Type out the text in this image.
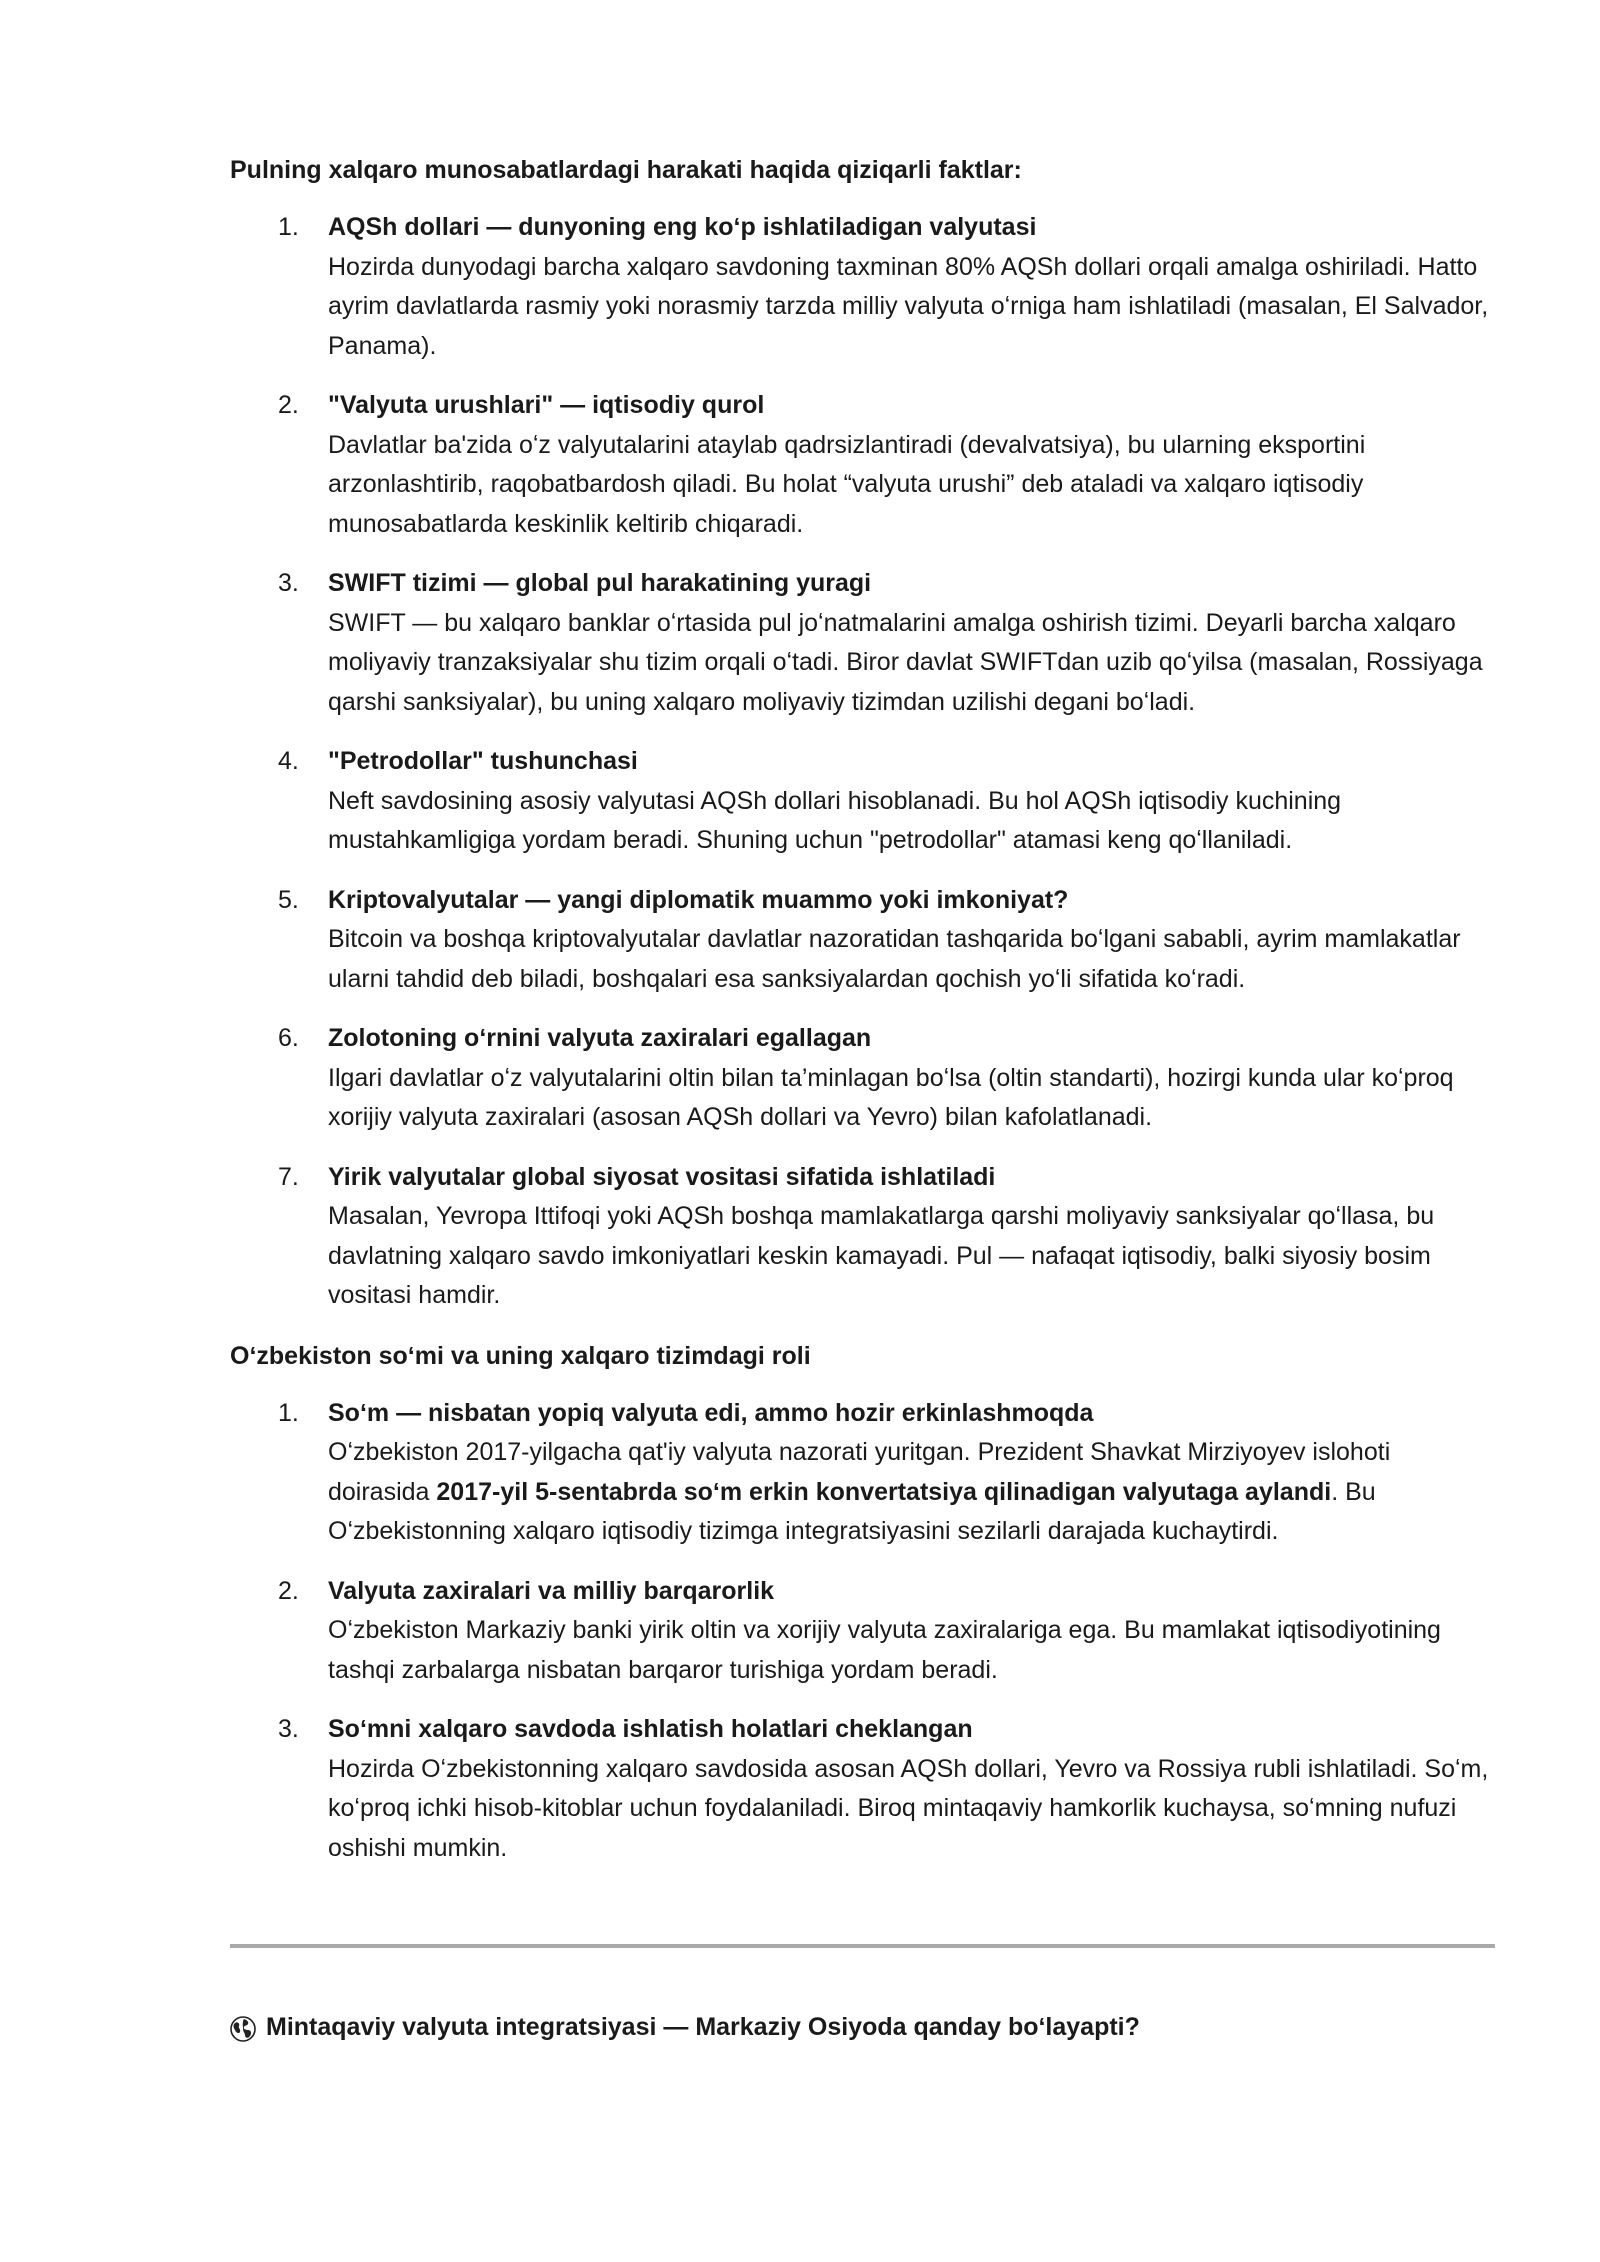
Pulning xalqaro munosabatlardagi harakati haqida qiziqarli faktlar:

1. AQSh dollari — dunyoning eng koʻp ishlatiladigan valyutasi
Hozirda dunyodagi barcha xalqaro savdoning taxminan 80% AQSh dollari orqali amalga oshiriladi. Hatto ayrim davlatlarda rasmiy yoki norasmiy tarzda milliy valyuta oʻrniga ham ishlatiladi (masalan, El Salvador, Panama).
2. "Valyuta urushlari" — iqtisodiy qurol
Davlatlar ba'zida oʻz valyutalarini ataylab qadrsizlantiradi (devalvatsiya), bu ularning eksportini arzonlashtirib, raqobatbardosh qiladi. Bu holat “valyuta urushi” deb ataladi va xalqaro iqtisodiy munosabatlarda keskinlik keltirib chiqaradi.
3. SWIFT tizimi — global pul harakatining yuragi
SWIFT — bu xalqaro banklar oʻrtasida pul joʻnatmalarini amalga oshirish tizimi. Deyarli barcha xalqaro moliyaviy tranzaksiyalar shu tizim orqali oʻtadi. Biror davlat SWIFTdan uzib qoʻyilsa (masalan, Rossiyaga qarshi sanksiyalar), bu uning xalqaro moliyaviy tizimdan uzilishi degani boʻladi.
4. "Petrodollar" tushunchasi
Neft savdosining asosiy valyutasi AQSh dollari hisoblanadi. Bu hol AQSh iqtisodiy kuchining mustahkamligiga yordam beradi. Shuning uchun "petrodollar" atamasi keng qoʻllaniladi.
5. Kriptovalyutalar — yangi diplomatik muammo yoki imkoniyat?
Bitcoin va boshqa kriptovalyutalar davlatlar nazoratidan tashqarida boʻlgani sababli, ayrim mamlakatlar ularni tahdid deb biladi, boshqalari esa sanksiyalardan qochish yoʻli sifatida koʻradi.
6. Zolotoning oʻrnini valyuta zaxiralari egallagan
Ilgari davlatlar oʻz valyutalarini oltin bilan ta’minlagan boʻlsa (oltin standarti), hozirgi kunda ular koʻproq xorijiy valyuta zaxiralari (asosan AQSh dollari va Yevro) bilan kafolatlanadi.
7. Yirik valyutalar global siyosat vositasi sifatida ishlatiladi
Masalan, Yevropa Ittifoqi yoki AQSh boshqa mamlakatlarga qarshi moliyaviy sanksiyalar qoʻllasa, bu davlatning xalqaro savdo imkoniyatlari keskin kamayadi. Pul — nafaqat iqtisodiy, balki siyosiy bosim vositasi hamdir.

Oʻzbekiston soʻmi va uning xalqaro tizimdagi roli

1. Soʻm — nisbatan yopiq valyuta edi, ammo hozir erkinlashmoqda
Oʻzbekiston 2017-yilgacha qat'iy valyuta nazorati yuritgan. Prezident Shavkat Mirziyoyev islohoti doirasida 2017-yil 5-sentabrda soʻm erkin konvertatsiya qilinadigan valyutaga aylandi. Bu Oʻzbekistonning xalqaro iqtisodiy tizimga integratsiyasini sezilarli darajada kuchaytirdi.
2. Valyuta zaxiralari va milliy barqarorlik
Oʻzbekiston Markaziy banki yirik oltin va xorijiy valyuta zaxiralariga ega. Bu mamlakat iqtisodiyotining tashqi zarbalarga nisbatan barqaror turishiga yordam beradi.
3. Soʻmni xalqaro savdoda ishlatish holatlari cheklangan
Hozirda Oʻzbekistonning xalqaro savdosida asosan AQSh dollari, Yevro va Rossiya rubli ishlatiladi. Soʻm, koʻproq ichki hisob-kitoblar uchun foydalaniladi. Biroq mintaqaviy hamkorlik kuchaysa, soʻmning nufuzi oshishi mumkin.
Mintaqaviy valyuta integratsiyasi — Markaziy Osiyoda qanday boʻlayapti?
